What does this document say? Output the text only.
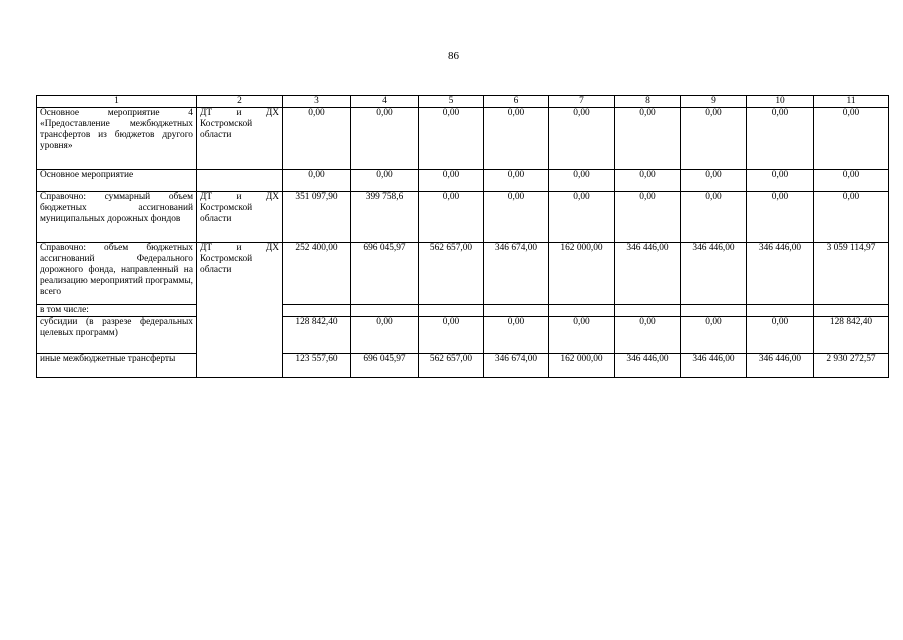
86
1	2	3	4	5	6	7	8	9	10	11
Основное мероприятие 4 «Предоставление межбюджетных трансфертов из бюджетов другого уровня»	ДТ и ДХ Костромской области	0,00	0,00	0,00	0,00	0,00	0,00	0,00	0,00	0,00
Основное мероприятие		0,00	0,00	0,00	0,00	0,00	0,00	0,00	0,00	0,00
Справочно: суммарный объем бюджетных ассигнований муниципальных дорожных фондов	ДТ и ДХ Костромской области	351 097,90	399 758,6	0,00	0,00	0,00	0,00	0,00	0,00	0,00
Справочно: объем бюджетных ассигнований Федерального дорожного фонда, направленный на реализацию мероприятий программы, всего	ДТ и ДХ Костромской области	252 400,00	696 045,97	562 657,00	346 674,00	162 000,00	346 446,00	346 446,00	346 446,00	3 059 114,97
в том числе:										
субсидии (в разрезе федеральных целевых программ)		128 842,40	0,00	0,00	0,00	0,00	0,00	0,00	0,00	128 842,40
иные межбюджетные трансферты		123 557,60	696 045,97	562 657,00	346 674,00	162 000,00	346 446,00	346 446,00	346 446,00	2 930 272,57
